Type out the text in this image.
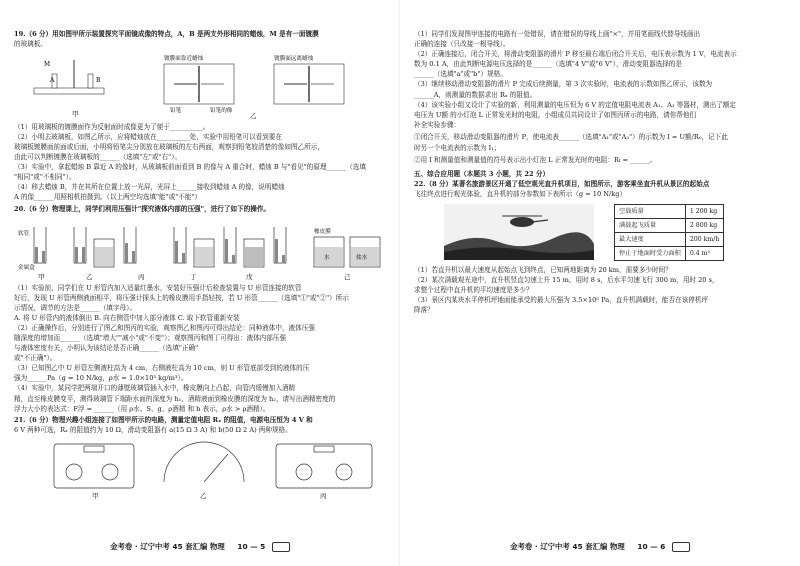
19.（6 分）用如图甲所示装置探究平面镜成像的特点，A，B 是两支外形相同的蜡烛，M 是有一面镀膜
的玻璃板。
M
A	B
甲
镀膜面靠近蜡烛	镀膜面远离蜡烛
铅笔	铅笔的像
乙
（1）用玻璃板的镀膜面作为反射面时成像更为了便于__________。
（2）小明去玻璃板，如图乙所示，应将蜡烛放在__________处，实验中用铅笔可以看到要在
玻璃板镀膜面前面或后面，小明将铅笔尖分别放在玻璃板的左右两面，观察到铅笔较清楚的像如图乙所示，
由此可以判断镀膜在玻璃板的______（选填"左"或"右"）。
（3）实验中，拿起蜡烛 B 靠近 A 的像时，从玻璃板前面看到 B 的像与 A 重合时，蜡烛 B 与"看见"的原理______（选填
"相同"或"不相同"）。
（4）移去蜡烛 B，并在其所在位置上放一光屏，光屏上______接收到蜡烛 A 的像，说明蜡烛
A 的像______用照相机拍摄到。（以上两空均选填"能"或"不能"）
20.（6 分）物理课上，同学们利用压强计"探究液体内部的压强"，进行了如下的操作。
软管
金属盒
甲	乙	丙	丁	戊	己
橡皮膜
水	盐水
（1）实验前，同学们在 U 形管内加入适量红墨水，安装好压强计后检查装置与 U 形管连接的软管
好后，发现 U 形管两侧液面相平，将压强计探头上的橡皮膜用手指轻按，若 U 形管______（选填"①"或"②"）所示
示情况，调节的方法是______（填字母）。
A. 将 U 形管内的液体倒出 B. 向右侧管中加入部分液体 C. 取下软管重新安装
（2）正确操作后，分别进行了图乙和图丙的实验，观察图乙和图丙可得出结论：同种液体中，液体压强
随深度的增加而______（选填"增大""减小"或"不变"）；观察图丙和图丁可得出：液体内部压强
与液体密度有关，小明认为该结论是否正确______（选填"正确"
或"不正确"）。
（3）已知图乙中 U 形管左侧液柱高为 4 cm，右侧液柱高为 10 cm，则 U 形管底部受到的液体的压
强为______Pa（g = 10 N/kg，ρ水 = 1.0×10³ kg/m³）。
（4）实验中，某同学把两端开口的薄壁玻璃管插入水中，橡皮膜向上凸起，向管内缓慢加入酒精
精，直至橡皮膜变平，测得玻璃管下端距水面的深度为 h₁，酒精液面到橡皮膜的深度为 h₂，请写出酒精密度的
浮力大小的表达式：F浮 = ______（用 ρ水、S、g、ρ酒精 和 h 表示，ρ水 > ρ酒精）。
21.（6 分）物理兴趣小组连接了如图甲所示的电路，测量定值电阻 Rₓ 的阻值，电源电压恒为 4 V 和
6 V 两种可选，Rₓ 的阻值约为 10 Ω，滑动变阻器有 a(15 Ω 3 A) 和 b(50 Ω 2 A) 两种规格。
甲	乙	丙
金考卷 · 辽宁中考 45 套汇编 物理 10 — 5
（1）同学们发现图甲连接的电路有一处错误，请在错误的导线上画"×"，并用笔画线代替导线画出
正确的连接（只改接一根导线）。
（2）正确连接后，闭合开关，将滑动变阻器的滑片 P 移至最右端后闭合开关后，电压表示数为 1 V，电流表示
数为 0.1 A，由此判断电源电压选择的是______（选填"4 V"或"6 V"），滑动变阻器选择的是
______（选填"a"或"b"）规格。
（3）继续移动滑动变阻器的滑片 P 完成后续测量，第 3 次实验时，电流表的示数如图乙所示，该数为
______A，则测量的数据求出 Rₓ 的阻值。
（4）该实验小组又设计了实验的新，利用测量的电压恒为 6 V 的定值电阻电流表 A₁、A₂ 等器材，测出了额定
电压为 U额 的小灯泡 L 正常发光时的电阻，小组成员共同设计了如图丙所示的电路，请你帮他们
补全实验步骤：
①闭合开关，移动滑动变阻器的滑片 P，使电流表______（选填"A₁"或"A₂"）的示数为 I = U额/R₀，记下此
时另一个电流表的示数为 I₁；
②用 I 和测量值和测量值的符号表示出小灯泡 L 正常发光时的电阻：Rₗ = ______。
五、综合应用题（本题共 3 小题，共 22 分）
22.（8 分）某著名旅游景区开通了低空观光直升机项目，如图所示，游客乘坐直升机从景区的起始点
飞往终点进行观光体验，直升机的部分参数如下表所示（g = 10 N/kg）
空载质量	1 200 kg
满载起飞质量	2 800 kg
最大速度	200 km/h
停止于地面时受力面积	0.4 m²
（1）若直升机以最大速度从起始点飞到终点，已知两地距离为 20 km，需要多少时间？
（2）某次满载观光途中，直升机竖直匀速上升 15 m，用时 8 s，后水平匀速飞行 300 m，用时 20 s，
求整个过程中直升机的平均速度是多少？
（3）景区内某块水平停机坪地面能承受的最大压强为 3.5×10⁵ Pa，直升机满载时，能否在该停机坪
降落？
金考卷 · 辽宁中考 45 套汇编 物理 10 — 6
